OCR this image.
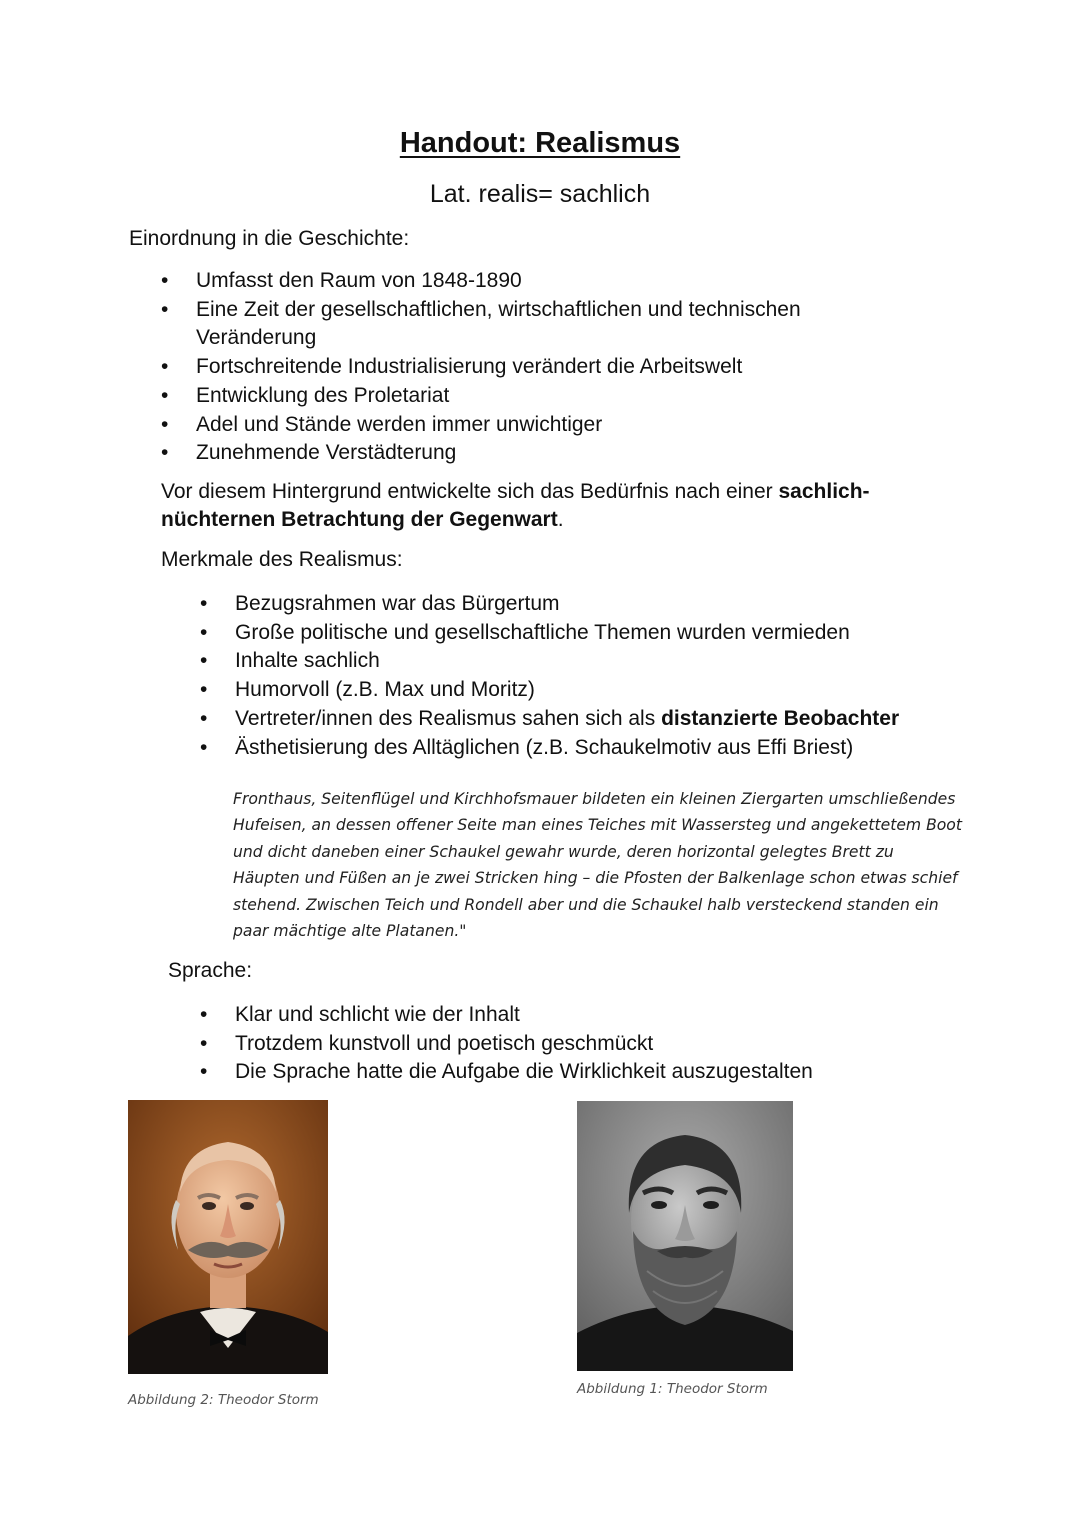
Handout: Realismus
Lat. realis= sachlich
Einordnung in die Geschichte:
• Umfasst den Raum von 1848-1890
• Eine Zeit der gesellschaftlichen, wirtschaftlichen und technischen Veränderung
• Fortschreitende Industrialisierung verändert die Arbeitswelt
• Entwicklung des Proletariat
• Adel und Stände werden immer unwichtiger
• Zunehmende Verstädterung
Vor diesem Hintergrund entwickelte sich das Bedürfnis nach einer sachlich-nüchternen Betrachtung der Gegenwart.
Merkmale des Realismus:
• Bezugsrahmen war das Bürgertum
• Große politische und gesellschaftliche Themen wurden vermieden
• Inhalte sachlich
• Humorvoll (z.B. Max und Moritz)
• Vertreter/innen des Realismus sahen sich als distanzierte Beobachter
• Ästhetisierung des Alltäglichen (z.B. Schaukelmotiv aus Effi Briest)
Fronthaus, Seitenflügel und Kirchhofsmauer bildeten ein kleinen Ziergarten umschließendes Hufeisen, an dessen offener Seite man eines Teiches mit Wassersteg und angekettetem Boot und dicht daneben einer Schaukel gewahr wurde, deren horizontal gelegtes Brett zu Häupten und Füßen an je zwei Stricken hing – die Pfosten der Balkenlage schon etwas schief stehend. Zwischen Teich und Rondell aber und die Schaukel halb versteckend standen ein paar mächtige alte Platanen."
Sprache:
• Klar und schlicht wie der Inhalt
• Trotzdem kunstvoll und poetisch geschmückt
• Die Sprache hatte die Aufgabe die Wirklichkeit auszugestalten
Abbildung 2: Theodor Storm
Abbildung 1: Theodor Storm
